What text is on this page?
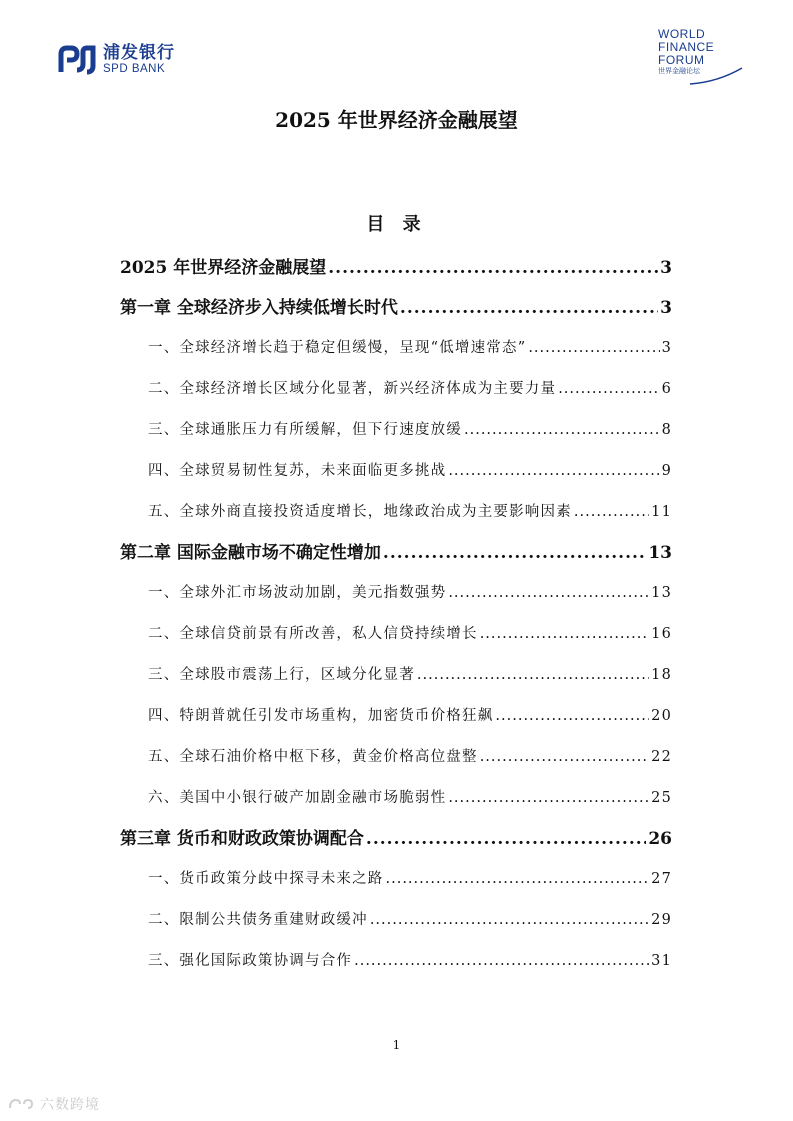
浦发银行
SPD BANK
WORLD
FINANCE
FORUM
世界金融论坛
2025 年世界经济金融展望
目 录
2025 年世界经济金融展望 .....	3
第一章 全球经济步入持续低增长时代 .....	3
一、全球经济增长趋于稳定但缓慢，呈现“低增速常态” .....	3
二、全球经济增长区域分化显著，新兴经济体成为主要力量 .....	6
三、全球通胀压力有所缓解，但下行速度放缓 .....	8
四、全球贸易韧性复苏，未来面临更多挑战 .....	9
五、全球外商直接投资适度增长，地缘政治成为主要影响因素 .....	11
第二章 国际金融市场不确定性增加 .....	13
一、全球外汇市场波动加剧，美元指数强势 .....	13
二、全球信贷前景有所改善，私人信贷持续增长 .....	16
三、全球股市震荡上行，区域分化显著 .....	18
四、特朗普就任引发市场重构，加密货币价格狂飙 .....	20
五、全球石油价格中枢下移，黄金价格高位盘整 .....	22
六、美国中小银行破产加剧金融市场脆弱性 .....	25
第三章 货币和财政政策协调配合 .....	26
一、货币政策分歧中探寻未来之路 .....	27
二、限制公共债务重建财政缓冲 .....	29
三、强化国际政策协调与合作 .....	31
1
六数跨境
